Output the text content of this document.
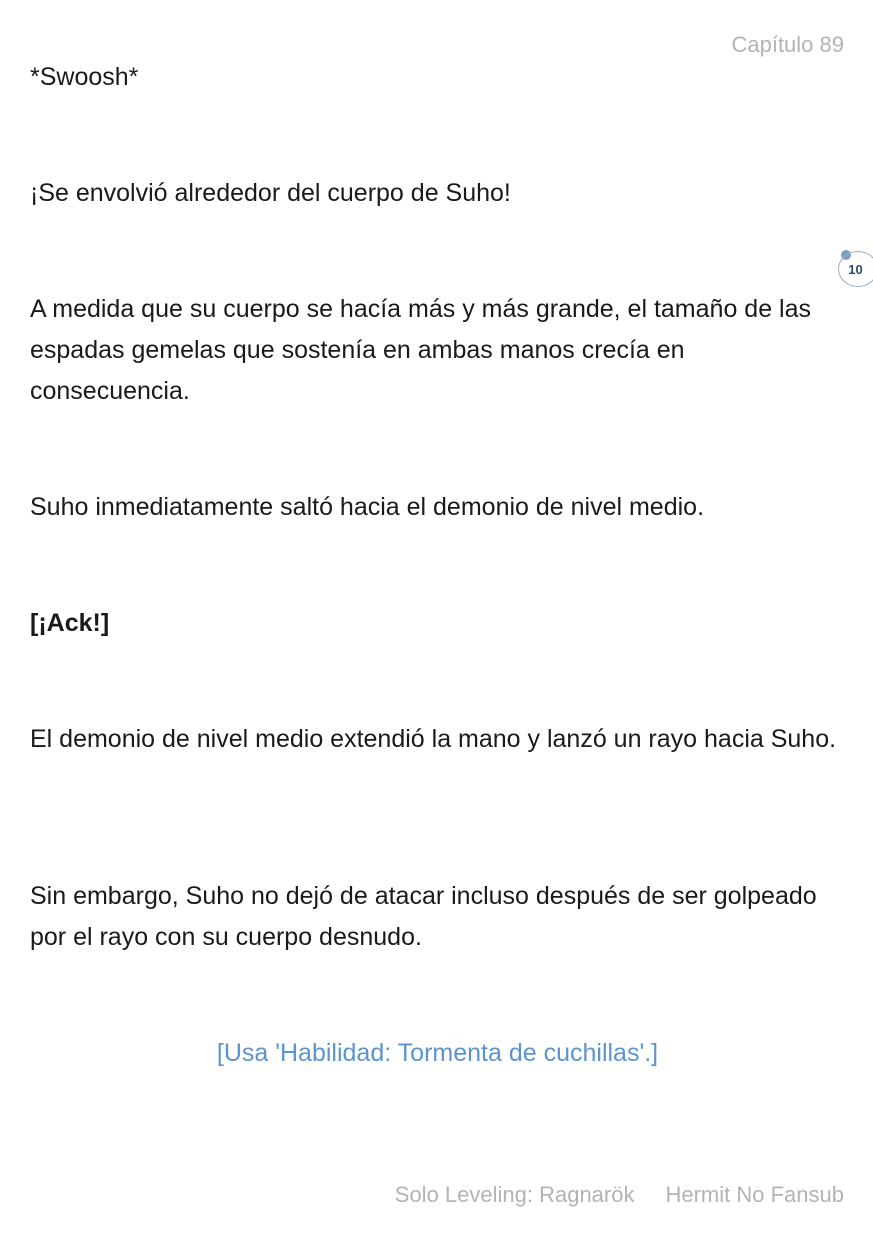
Capítulo 89
10

*Swoosh*

¡Se envolvió alrededor del cuerpo de Suho!

A medida que su cuerpo se hacía más y más grande, el tamaño de las espadas gemelas que sostenía en ambas manos crecía en consecuencia.

Suho inmediatamente saltó hacia el demonio de nivel medio.

[¡Ack!]

El demonio de nivel medio extendió la mano y lanzó un rayo hacia Suho.

Sin embargo, Suho no dejó de atacar incluso después de ser golpeado por el rayo con su cuerpo desnudo.

[Usa 'Habilidad: Tormenta de cuchillas'.]

Solo Leveling: Ragnarök Hermit No Fansub
